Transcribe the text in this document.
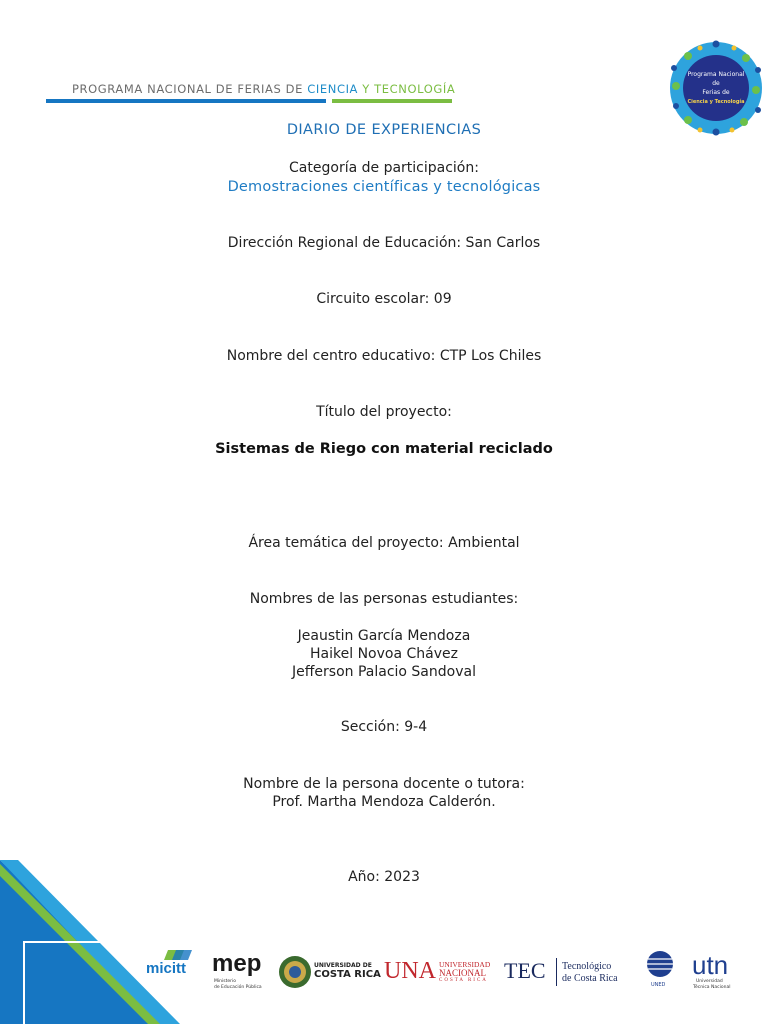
PROGRAMA NACIONAL DE FERIAS DE CIENCIA Y TECNOLOGÍA
Programa Nacional
de
Ferias de
Ciencia y Tecnología
DIARIO DE EXPERIENCIAS
Categoría de participación:
Demostraciones científicas y tecnológicas
Dirección Regional de Educación: San Carlos
Circuito escolar: 09
Nombre del centro educativo: CTP Los Chiles
Título del proyecto:
Sistemas de Riego con material reciclado
Área temática del proyecto: Ambiental
Nombres de las personas estudiantes:
Jeaustin García Mendoza
Haikel Novoa Chávez
Jefferson Palacio Sandoval
Sección: 9-4
Nombre de la persona docente o tutora:
Prof. Martha Mendoza Calderón.
Año: 2023
micitt mep
Ministerio
de Educación Pública
UNIVERSIDAD DE
COSTA RICA UNA UNIVERSIDAD
NACIONAL
COSTA RICA TEC Tecnológico
de Costa Rica
UNED
utn
Universidad
Técnica Nacional
